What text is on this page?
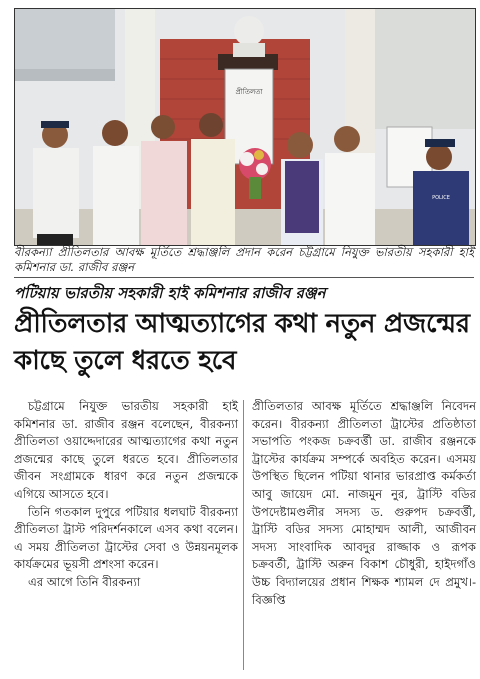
প্রীতিলতা
POLICE
বীরকন্যা প্রীতিলতার আবক্ষ মূর্তিতে শ্রদ্ধাঞ্জলি প্রদান করেন চট্টগ্রামে নিযুক্ত ভারতীয় সহকারী হাই কমিশনার ডা. রাজীব রঞ্জন
পটিয়ায় ভারতীয় সহকারী হাই কমিশনার রাজীব রঞ্জন
প্রীতিলতার আত্মত্যাগের কথা নতুন প্রজন্মের কাছে তুলে ধরতে হবে

চট্টগ্রামে নিযুক্ত ভারতীয় সহকারী হাই কমিশনার ডা. রাজীব রঞ্জন বলেছেন, বীরকন্যা প্রীতিলতা ওয়াদ্দেদারের আত্মত্যাগের কথা নতুন প্রজন্মের কাছে তুলে ধরতে হবে। প্রীতিলতার জীবন সংগ্রামকে ধারণ করে নতুন প্রজন্মকে এগিয়ে আসতে হবে।

তিনি গতকাল দুপুরে পটিয়ার ধলঘাট বীরকন্যা প্রীতিলতা ট্রাস্ট পরিদর্শনকালে এসব কথা বলেন।এ সময় প্রীতিলতা ট্রাস্টের সেবা ও উন্নয়নমূলক কার্যক্রমের ভূয়সী প্রশংসা করেন।

এর আগে তিনি বীরকন্যা

প্রীতিলতার আবক্ষ মূর্তিতে শ্রদ্ধাঞ্জলি নিবেদন করেন। বীরকন্যা প্রীতিলতা ট্রাস্টের প্রতিষ্ঠাতা সভাপতি পংকজ চক্রবর্ত্তী ডা. রাজীব রঞ্জনকে ট্রাস্টের কার্যক্রম সম্পর্কে অবহিত করেন। এসময় উপস্থিত ছিলেন পটিয়া থানার ভারপ্রাপ্ত কর্মকর্তা আবু জায়েদ মো. নাজমুন নুর, ট্রাস্টি বডির উপদেষ্টামণ্ডলীর সদস্য ড. গুরুপদ চক্রবর্ত্তী, ট্রাস্টি বডির সদস্য মোহাম্মদ আলী, আজীবন সদস্য সাংবাদিক আবদুর রাজ্জাক ও রূপক চক্রবর্তী, ট্রাস্টি অরুন বিকাশ চৌধুরী, হাইদগাঁও উচ্চ বিদ্যালয়ের প্রধান শিক্ষক শ্যামল দে প্রমুখ।-বিজ্ঞপ্তি
